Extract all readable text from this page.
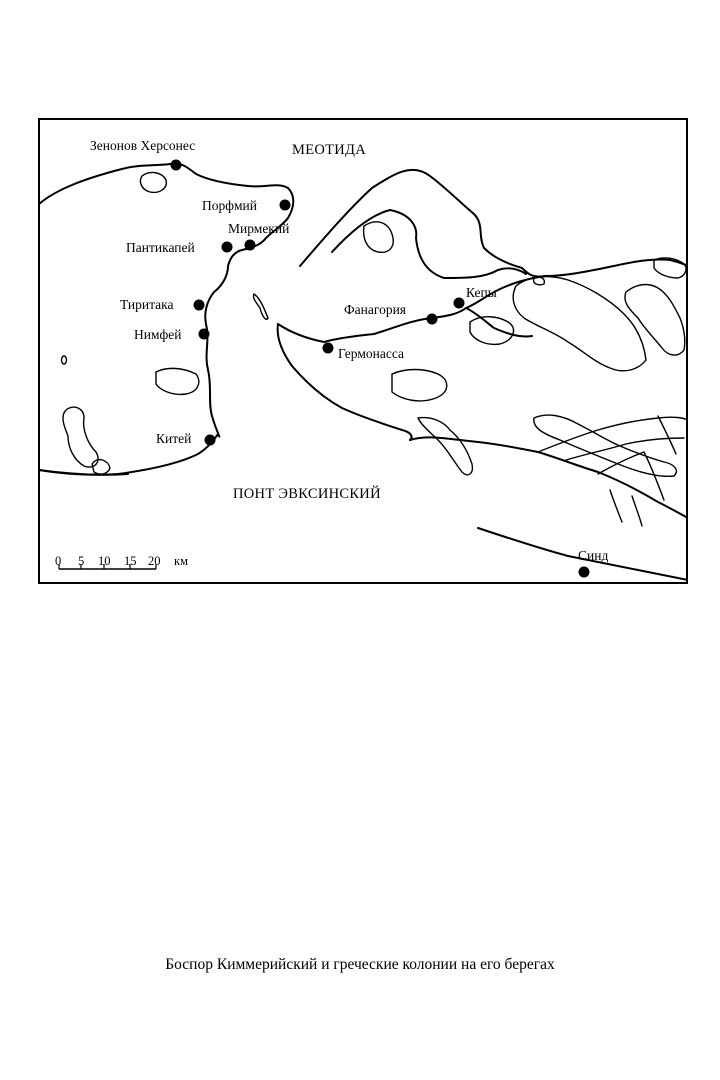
МЕОТИДА
ПОНТ ЭВКСИНСКИЙ
Зенонов Херсонес
Порфмий
Мирмекий
Пантикапей
Тиритака
Нимфей
Китей
Фанагория
Кепы
Гермонасса
Синд
0 5 10 15 20 км
Боспор Киммерийский и греческие колонии на его берегах
